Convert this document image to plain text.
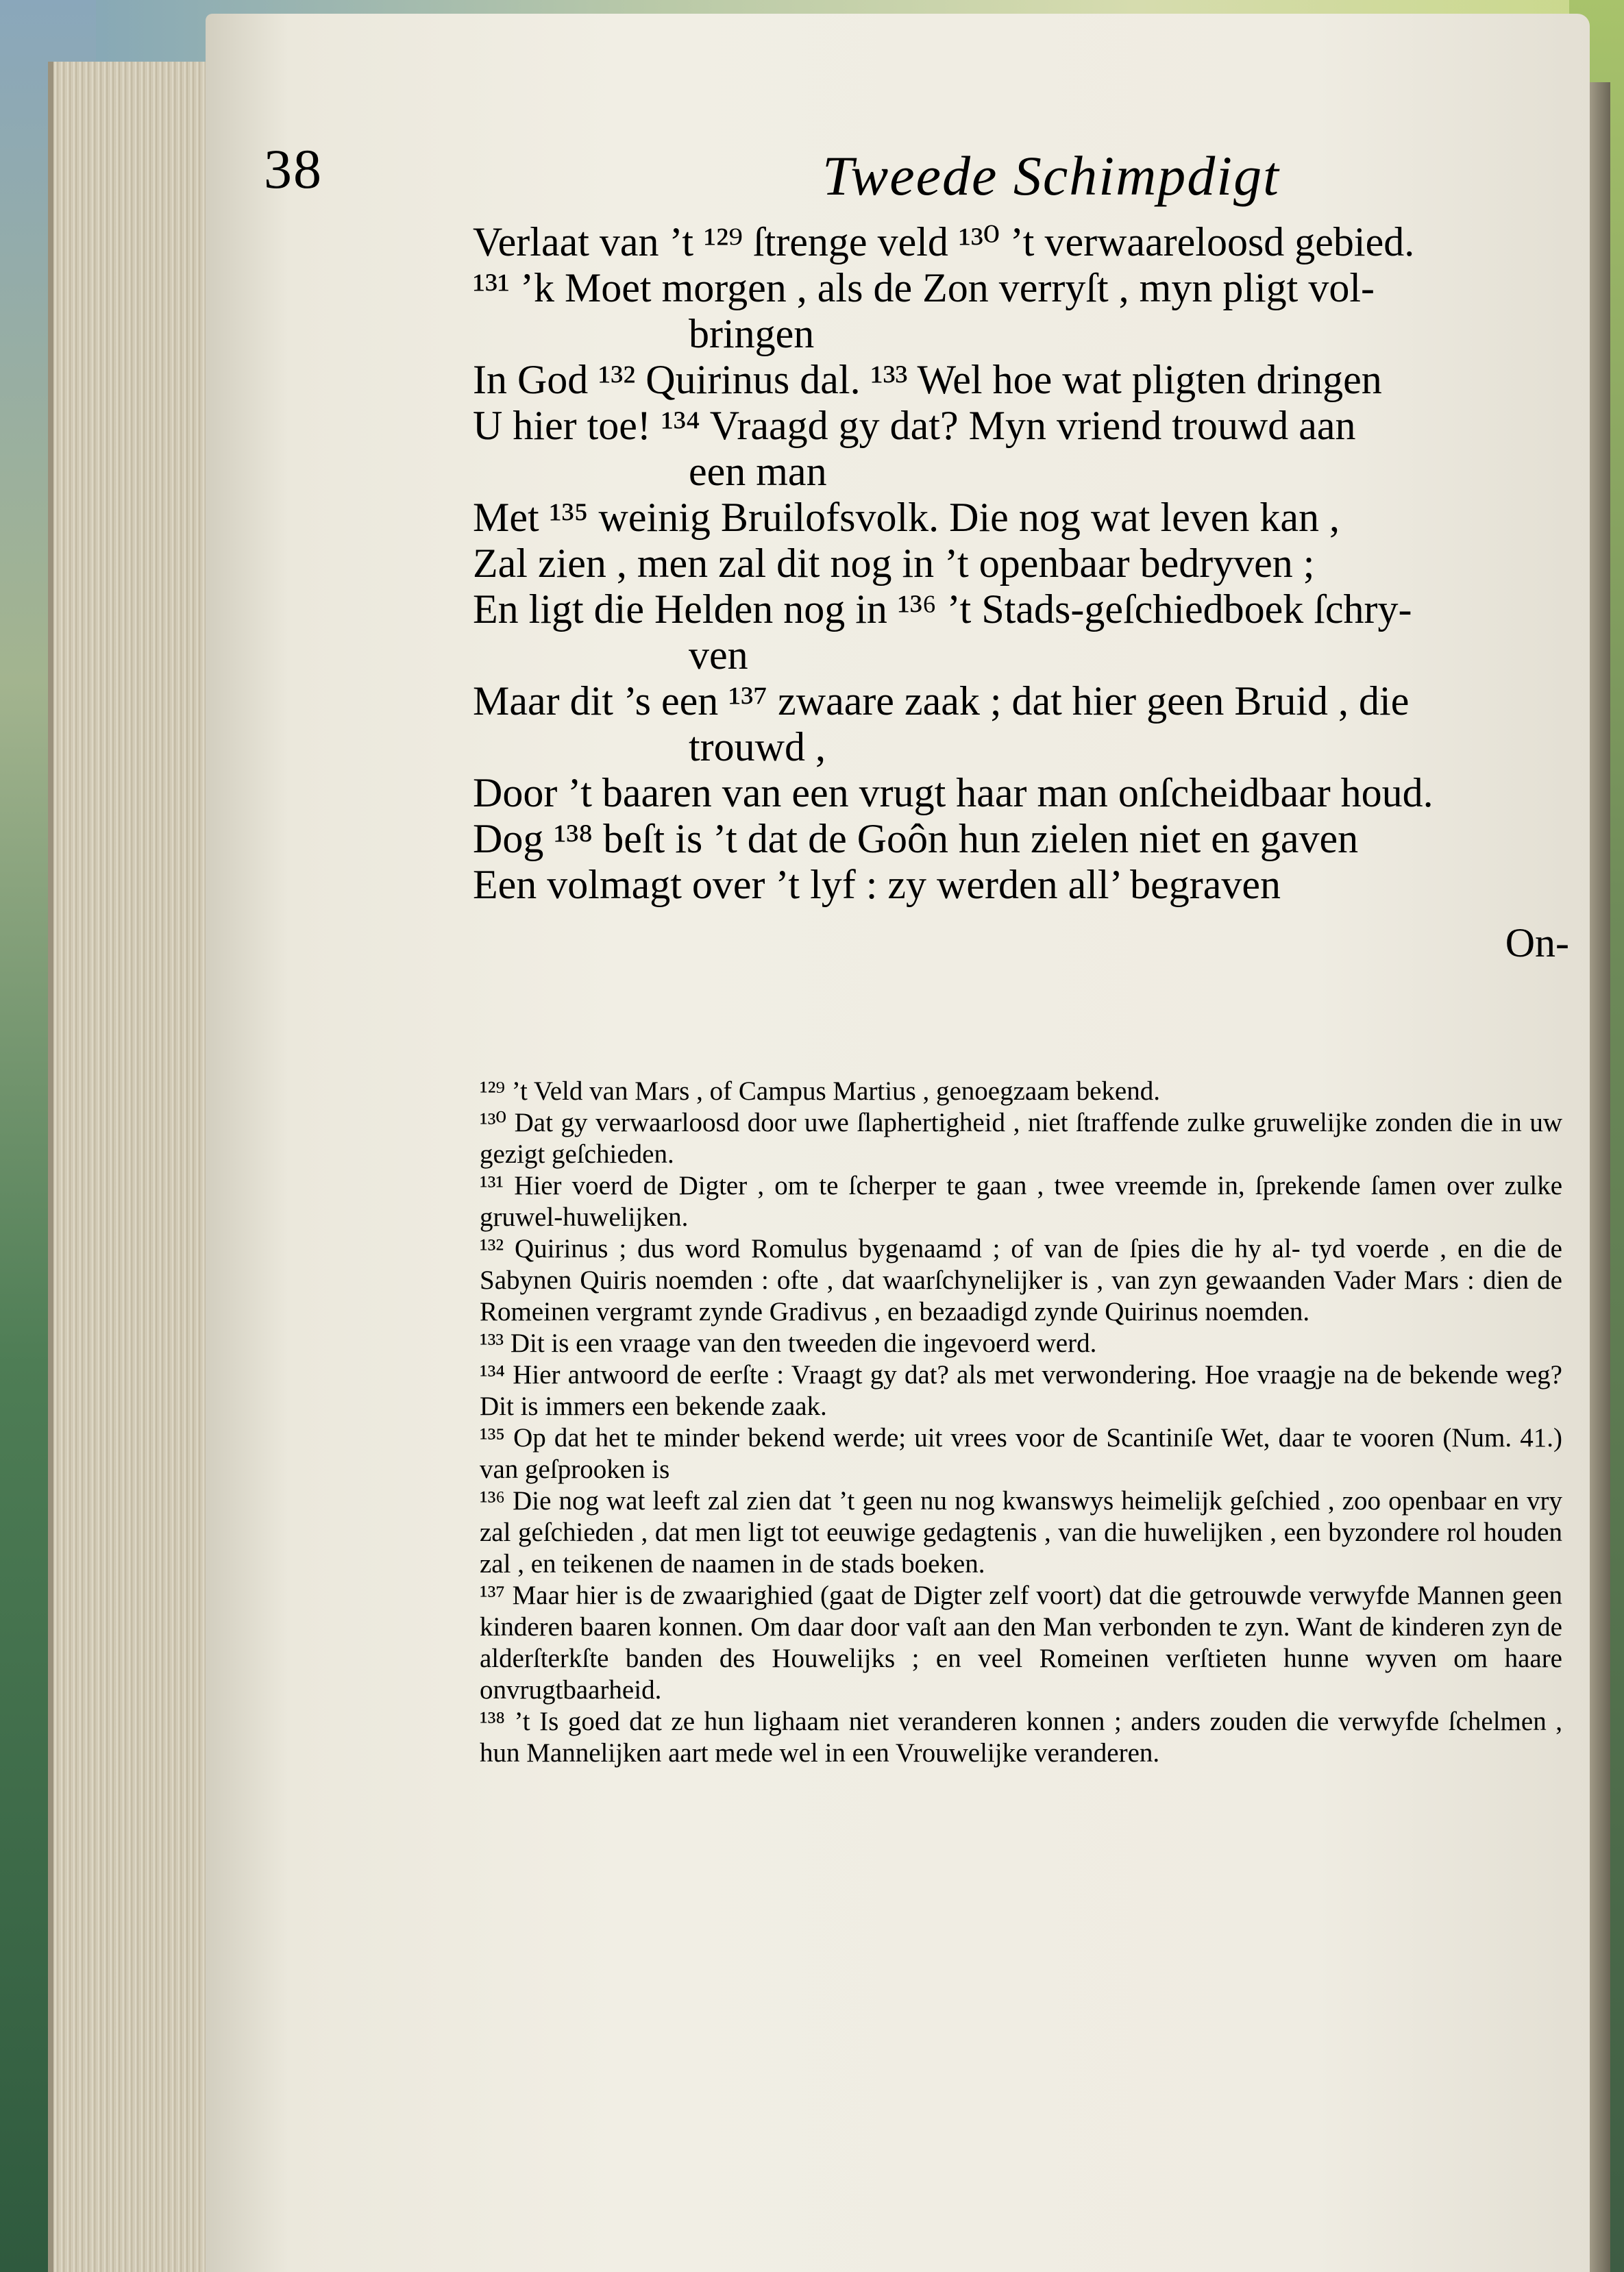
38	Tweede Schimpdigt

Verlaat van ’t ¹²⁹ ſtrenge veld ¹³⁰ ’t verwaareloosd gebied.

¹³¹ ’k Moet morgen , als de Zon verryſt , myn pligt vol-

bringen

In God ¹³² Quirinus dal. ¹³³ Wel hoe wat pligten dringen

U hier toe! ¹³⁴ Vraagd gy dat? Myn vriend trouwd aan

een man

Met ¹³⁵ weinig Bruilofsvolk. Die nog wat leven kan ,

Zal zien , men zal dit nog in ’t openbaar bedryven ;

En ligt die Helden nog in ¹³⁶ ’t Stads-geſchiedboek ſchry-

ven

Maar dit ’s een ¹³⁷ zwaare zaak ; dat hier geen Bruid , die

trouwd ,

Door ’t baaren van een vrugt haar man onſcheidbaar houd.

Dog ¹³⁸ beſt is ’t dat de Goôn hun zielen niet en gaven

Een volmagt over ’t lyf : zy werden all’ begraven

On-

¹²⁹ ’t Veld van Mars , of Campus Martius , genoegzaam bekend.

¹³⁰ Dat gy verwaarloosd door uwe ſlaphertigheid , niet ſtraffende zulke gruwelijke zonden die in uw gezigt geſchieden.

¹³¹ Hier voerd de Digter , om te ſcherper te gaan , twee vreemde in, ſprekende ſamen over zulke gruwel-huwelijken.

¹³² Quirinus ; dus word Romulus bygenaamd ; of van de ſpies die hy al- tyd voerde , en die de Sabynen Quiris noemden : ofte , dat waarſchynelijker is , van zyn gewaanden Vader Mars : dien de Romeinen vergramt zynde Gradivus , en bezaadigd zynde Quirinus noemden.

¹³³ Dit is een vraage van den tweeden die ingevoerd werd.

¹³⁴ Hier antwoord de eerſte : Vraagt gy dat? als met verwondering. Hoe vraagje na de bekende weg? Dit is immers een bekende zaak.

¹³⁵ Op dat het te minder bekend werde; uit vrees voor de Scantiniſe Wet, daar te vooren (Num. 41.) van geſprooken is

¹³⁶ Die nog wat leeft zal zien dat ’t geen nu nog kwanswys heimelijk geſchied , zoo openbaar en vry zal geſchieden , dat men ligt tot eeuwige gedagtenis , van die huwelijken , een byzondere rol houden zal , en teikenen de naamen in de stads boeken.

¹³⁷ Maar hier is de zwaarighied (gaat de Digter zelf voort) dat die getrouwde verwyfde Mannen geen kinderen baaren konnen. Om daar door vaſt aan den Man verbonden te zyn. Want de kinderen zyn de alderſterkſte banden des Houwelijks ; en veel Romeinen verſtieten hunne wyven om haare onvrugtbaarheid.

¹³⁸ ’t Is goed dat ze hun lighaam niet veranderen konnen ; anders zouden die verwyfde ſchelmen , hun Mannelijken aart mede wel in een Vrouwelijke veranderen.
